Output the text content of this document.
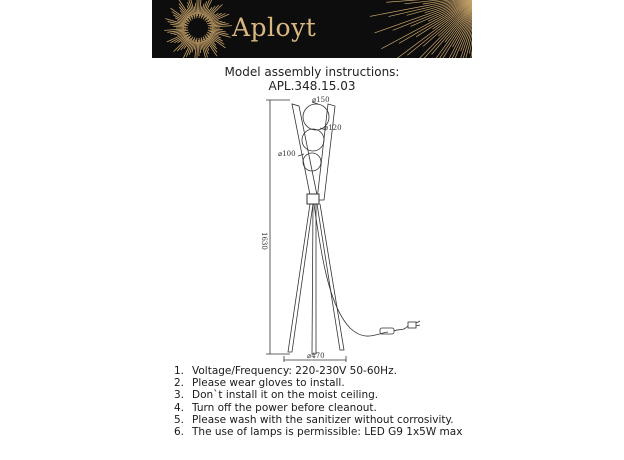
Aployt
Model assembly instructions:
APL.348.15.03
⌀150
⌀120
⌀100
1630
⌀470
1. Voltage/Frequency: 220-230V 50-60Hz.
2. Please wear gloves to install.
3. Don`t install it on the moist ceiling.
4. Turn off the power before cleanout.
5. Please wash with the sanitizer without corrosivity.
6. The use of lamps is permissible: LED G9 1x5W max
